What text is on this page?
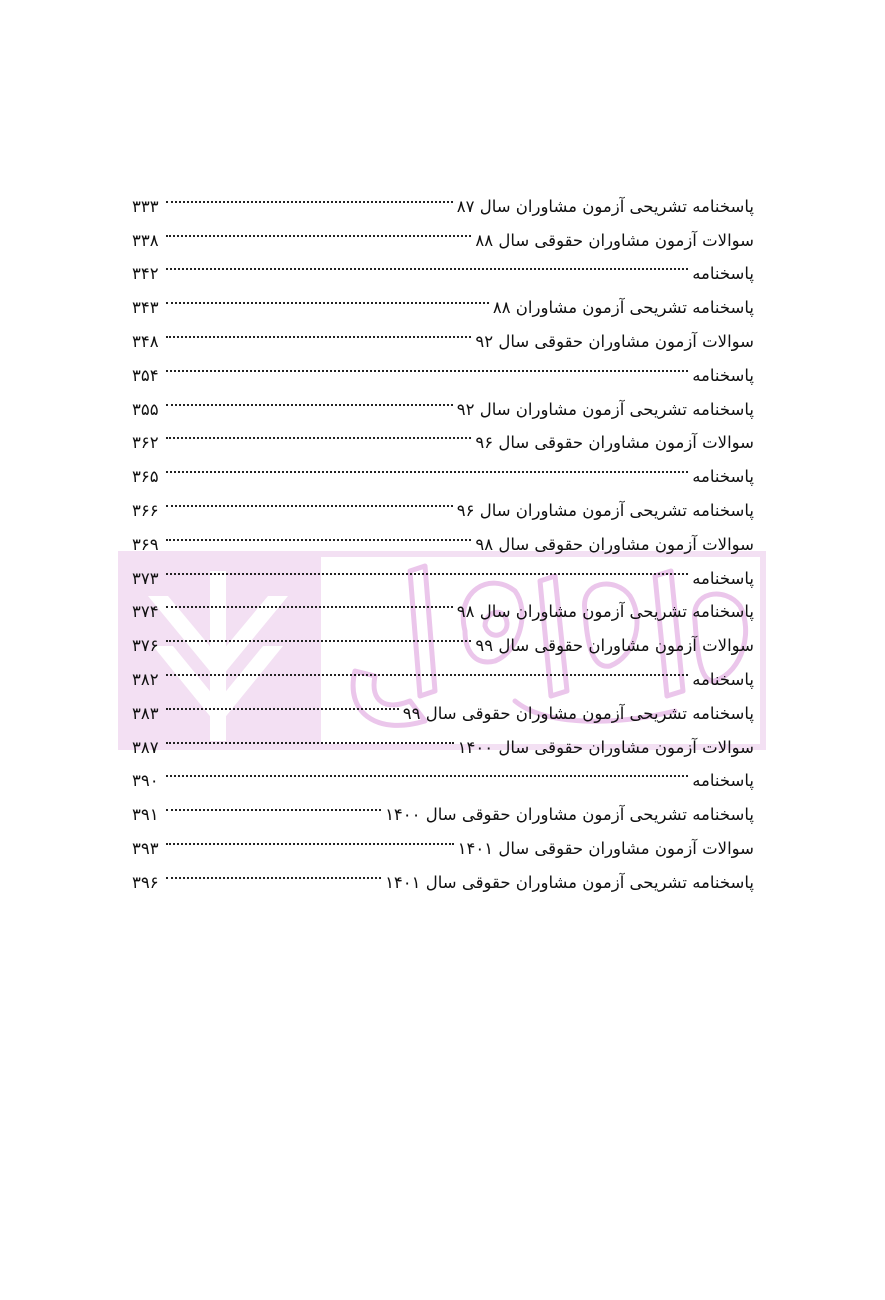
پاسخنامه تشریحی آزمون مشاوران سال ۸۷
۳۳۳
سوالات آزمون مشاوران حقوقی سال ۸۸
۳۳۸
پاسخنامه
۳۴۲
پاسخنامه تشریحی آزمون مشاوران ۸۸
۳۴۳
سوالات آزمون مشاوران حقوقی سال ۹۲
۳۴۸
پاسخنامه
۳۵۴
پاسخنامه تشریحی آزمون مشاوران سال ۹۲
۳۵۵
سوالات آزمون مشاوران حقوقی سال ۹۶
۳۶۲
پاسخنامه
۳۶۵
پاسخنامه تشریحی آزمون مشاوران سال ۹۶
۳۶۶
سوالات آزمون مشاوران حقوقی سال ۹۸
۳۶۹
پاسخنامه
۳۷۳
پاسخنامه تشریحی آزمون مشاوران سال ۹۸
۳۷۴
سوالات آزمون مشاوران حقوقی سال ۹۹
۳۷۶
پاسخنامه
۳۸۲
پاسخنامه تشریحی آزمون مشاوران حقوقی سال ۹۹
۳۸۳
سوالات آزمون مشاوران حقوقی سال ۱۴۰۰
۳۸۷
پاسخنامه
۳۹۰
پاسخنامه تشریحی آزمون مشاوران حقوقی سال ۱۴۰۰
۳۹۱
سوالات آزمون مشاوران حقوقی سال ۱۴۰۱
۳۹۳
پاسخنامه تشریحی آزمون مشاوران حقوقی سال ۱۴۰۱
۳۹۶
